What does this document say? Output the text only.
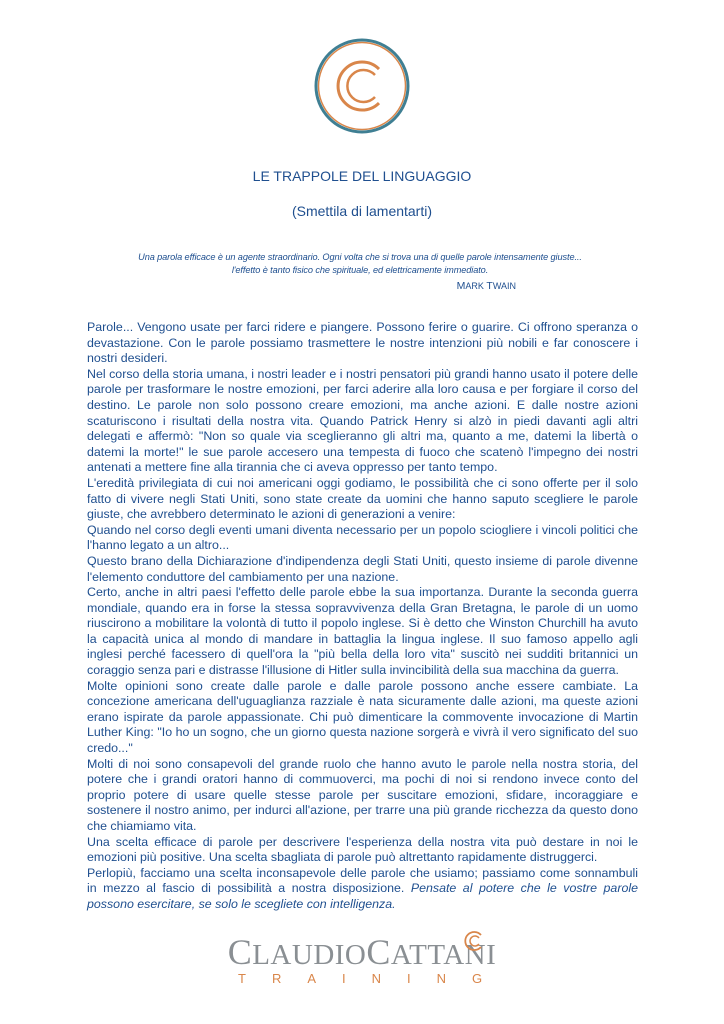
LE TRAPPOLE DEL LINGUAGGIO
(Smettila di lamentarti)
Una parola efficace è un agente straordinario. Ogni volta che si trova una di quelle parole intensamente giuste...
l'effetto è tanto fisico che spirituale, ed elettricamente immediato.
MARK TWAIN

Parole... Vengono usate per farci ridere e piangere. Possono ferire o guarire. Ci offrono speranza o devastazione. Con le parole possiamo trasmettere le nostre intenzioni più nobili e far conoscere i nostri desideri.

Nel corso della storia umana, i nostri leader e i nostri pensatori più grandi hanno usato il potere delle parole per trasformare le nostre emozioni, per farci aderire alla loro causa e per forgiare il corso del destino. Le parole non solo possono creare emozioni, ma anche azioni. E dalle nostre azioni scaturiscono i risultati della nostra vita. Quando Patrick Henry si alzò in piedi davanti agli altri delegati e affermò: "Non so quale via sceglieranno gli altri ma, quanto a me, datemi la libertà o datemi la morte!" le sue parole accesero una tempesta di fuoco che scatenò l'impegno dei nostri antenati a mettere fine alla tirannia che ci aveva oppresso per tanto tempo.

L'eredità privilegiata di cui noi americani oggi godiamo, le possibilità che ci sono offerte per il solo fatto di vivere negli Stati Uniti, sono state create da uomini che hanno saputo scegliere le parole giuste, che avrebbero determinato le azioni di generazioni a venire:

Quando nel corso degli eventi umani diventa necessario per un popolo sciogliere i vincoli politici che l'hanno legato a un altro...

Questo brano della Dichiarazione d'indipendenza degli Stati Uniti, questo insieme di parole divenne l'elemento conduttore del cambiamento per una nazione.

Certo, anche in altri paesi l'effetto delle parole ebbe la sua importanza. Durante la seconda guerra mondiale, quando era in forse la stessa sopravvivenza della Gran Bretagna, le parole di un uomo riuscirono a mobilitare la volontà di tutto il popolo inglese. Si è detto che Winston Churchill ha avuto la capacità unica al mondo di mandare in battaglia la lingua inglese. Il suo famoso appello agli inglesi perché facessero di quell'ora la "più bella della loro vita" suscitò nei sudditi britannici un coraggio senza pari e distrasse l'illusione di Hitler sulla invincibilità della sua macchina da guerra.

Molte opinioni sono create dalle parole e dalle parole possono anche essere cambiate. La concezione americana dell'uguaglianza razziale è nata sicuramente dalle azioni, ma queste azioni erano ispirate da parole appassionate. Chi può dimenticare la commovente invocazione di Martin Luther King: "Io ho un sogno, che un giorno questa nazione sorgerà e vivrà il vero significato del suo credo..."

Molti di noi sono consapevoli del grande ruolo che hanno avuto le parole nella nostra storia, del potere che i grandi oratori hanno di commuoverci, ma pochi di noi si rendono invece conto del proprio potere di usare quelle stesse parole per suscitare emozioni, sfidare, incoraggiare e sostenere il nostro animo, per indurci all'azione, per trarre una più grande ricchezza da questo dono che chiamiamo vita.

Una scelta efficace di parole per descrivere l'esperienza della nostra vita può destare in noi le emozioni più positive. Una scelta sbagliata di parole può altrettanto rapidamente distruggerci.

Perlopiù, facciamo una scelta inconsapevole delle parole che usiamo; passiamo come sonnambuli in mezzo al fascio di possibilità a nostra disposizione. Pensate al potere che le vostre parole possono esercitare, se solo le scegliete con intelligenza.

CLAUDIOCATTANI
TRAINING
